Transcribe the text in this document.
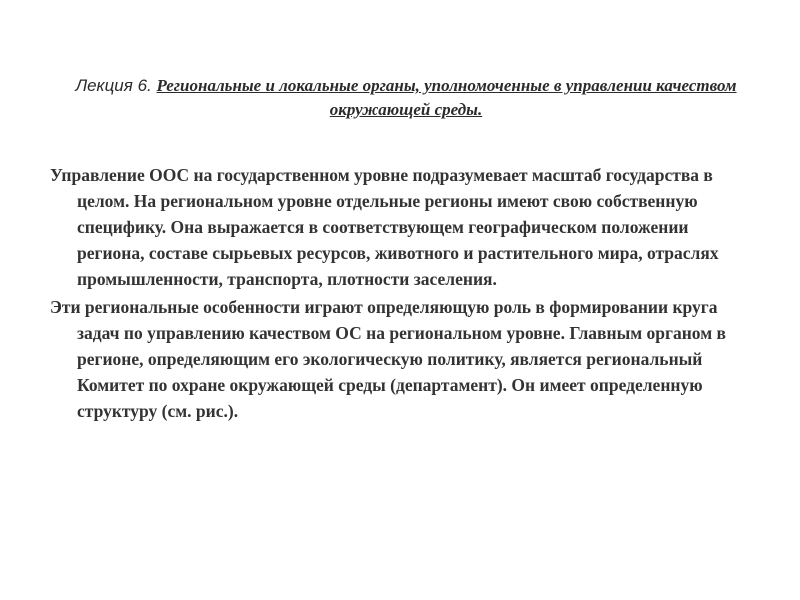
Лекция 6. Региональные и локальные органы, уполномоченные в управлении качеством окружающей среды.

Управление ООС на государственном уровне подразумевает масштаб государства в целом. На региональном уровне отдельные регионы имеют свою собственную специфику. Она выражается в соответствующем географическом положении региона, составе сырьевых ресурсов, животного и растительного мира, отраслях промышленности, транспорта, плотности заселения.

Эти региональные особенности играют определяющую роль в формировании круга задач по управлению качеством ОС на региональном уровне. Главным органом в регионе, определяющим его экологическую политику, является региональный Комитет по охране окружающей среды (департамент). Он имеет определенную структуру (см. рис.).
